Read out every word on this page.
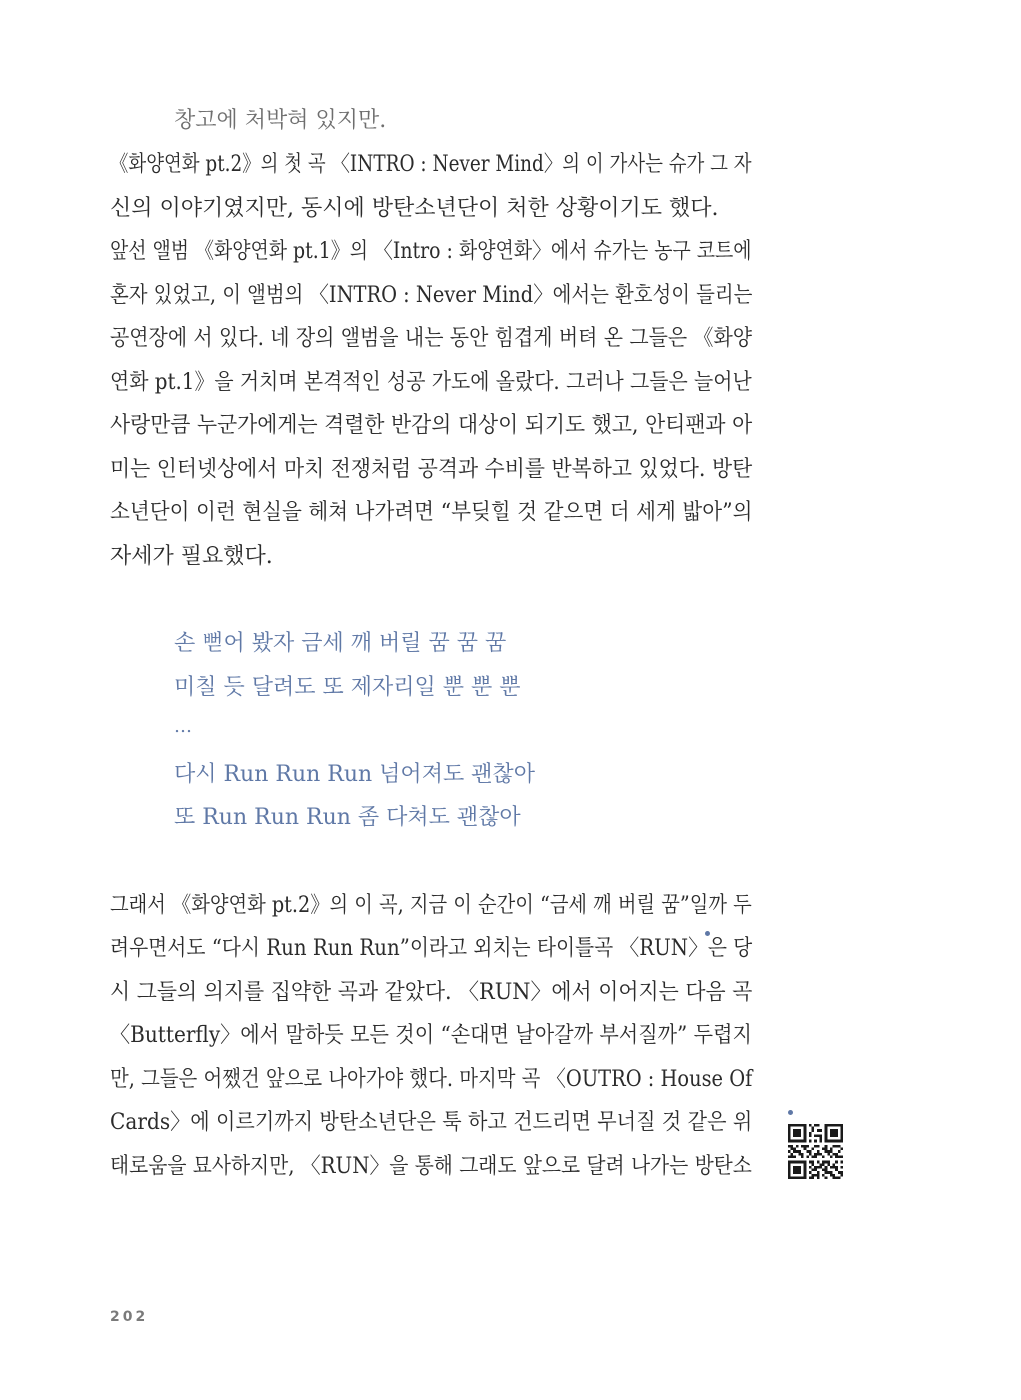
창고에 처박혀 있지만.
《화양연화 pt.2》의 첫 곡 〈INTRO : Never Mind〉의 이 가사는 슈가 그 자
신의 이야기였지만, 동시에 방탄소년단이 처한 상황이기도 했다.
앞선 앨범 《화양연화 pt.1》의 〈Intro : 화양연화〉에서 슈가는 농구 코트에
혼자 있었고, 이 앨범의 〈INTRO : Never Mind〉에서는 환호성이 들리는
공연장에 서 있다. 네 장의 앨범을 내는 동안 힘겹게 버텨 온 그들은 《화양
연화 pt.1》을 거치며 본격적인 성공 가도에 올랐다. 그러나 그들은 늘어난
사랑만큼 누군가에게는 격렬한 반감의 대상이 되기도 했고, 안티팬과 아
미는 인터넷상에서 마치 전쟁처럼 공격과 수비를 반복하고 있었다. 방탄
소년단이 이런 현실을 헤쳐 나가려면 “부딪힐 것 같으면 더 세게 밟아”의
자세가 필요했다.
손 뻗어 봤자 금세 깨 버릴 꿈 꿈 꿈
미칠 듯 달려도 또 제자리일 뿐 뿐 뿐
…
다시 Run Run Run 넘어져도 괜찮아
또 Run Run Run 좀 다쳐도 괜찮아
그래서 《화양연화 pt.2》의 이 곡, 지금 이 순간이 “금세 깨 버릴 꿈”일까 두
려우면서도 “다시 Run Run Run”이라고 외치는 타이틀곡 〈RUN〉은 당
시 그들의 의지를 집약한 곡과 같았다. 〈RUN〉에서 이어지는 다음 곡
〈Butterfly〉에서 말하듯 모든 것이 “손대면 날아갈까 부서질까” 두렵지
만, 그들은 어쨌건 앞으로 나아가야 했다. 마지막 곡 〈OUTRO : House Of
Cards〉에 이르기까지 방탄소년단은 툭 하고 건드리면 무너질 것 같은 위
태로움을 묘사하지만, 〈RUN〉을 통해 그래도 앞으로 달려 나가는 방탄소
202
